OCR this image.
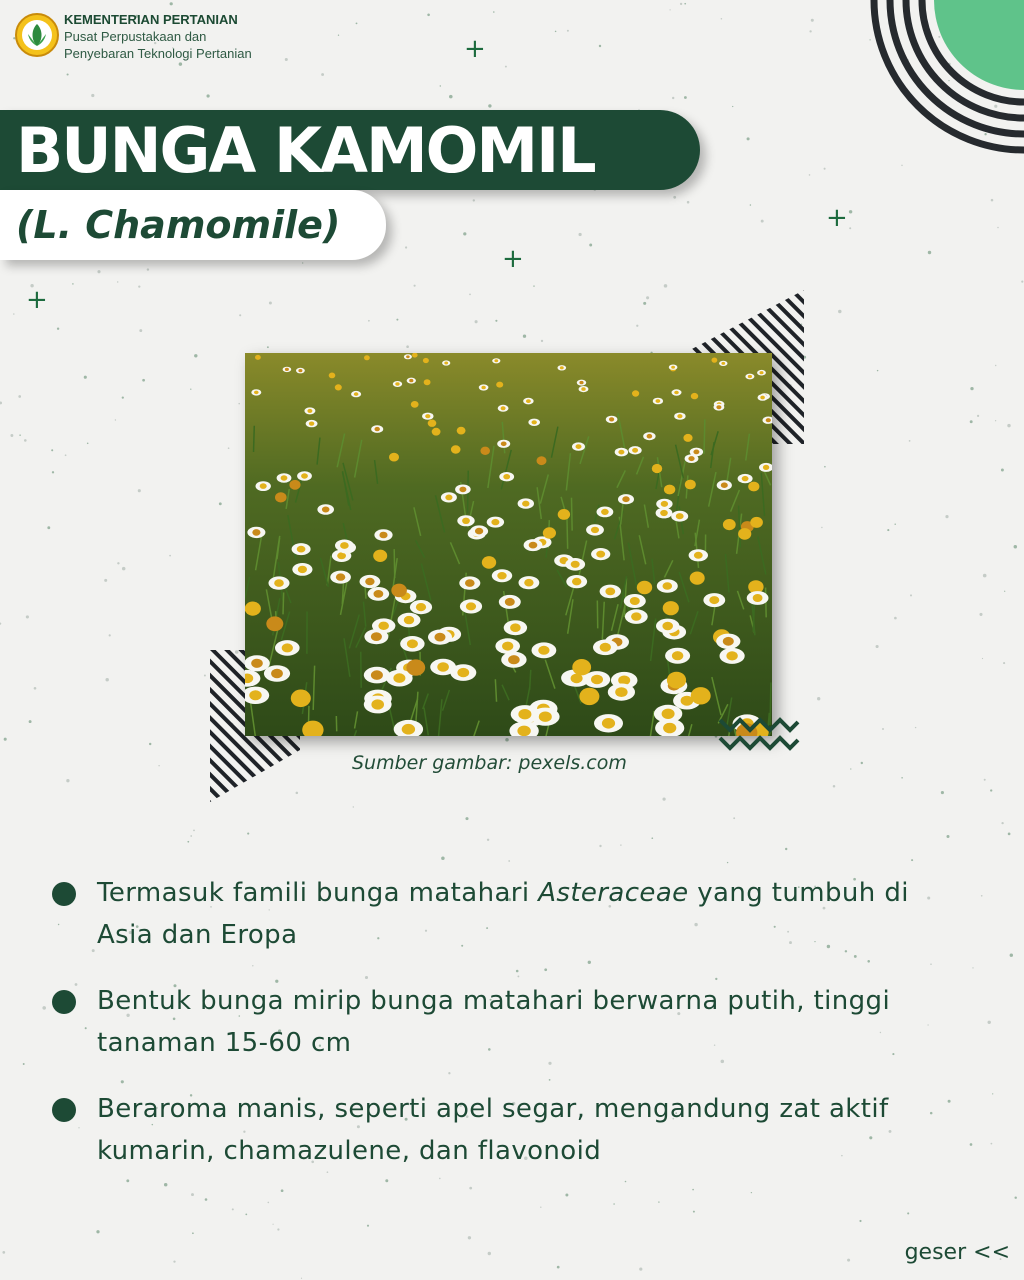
KEMENTERIAN PERTANIAN
Pusat Perpustakaan dan
Penyebaran Teknologi Pertanian	+
+
+
+
BUNGA KAMOMIL
(L. Chamomile)
Sumber gambar: pexels.com
Termasuk famili bunga matahari Asteraceae yang tumbuh di Asia dan Eropa
Bentuk bunga mirip bunga matahari berwarna putih, tinggi tanaman 15-60 cm
Beraroma manis, seperti apel segar, mengandung zat aktif kumarin, chamazulene, dan flavonoid
geser <<
